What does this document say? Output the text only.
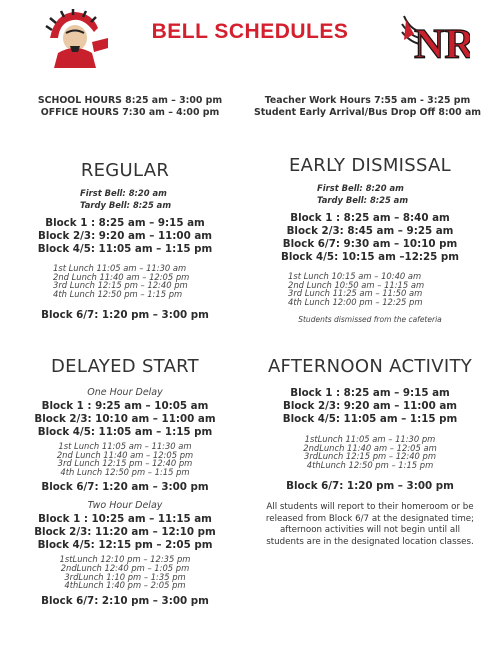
BELL SCHEDULES	NR
SCHOOL HOURS 8:25 am – 3:00 pm
OFFICE HOURS 7:30 am – 4:00 pm
Teacher Work Hours 7:55 am - 3:25 pm
Student Early Arrival/Bus Drop Off 8:00 am
REGULAR
First Bell: 8:20 am
Tardy Bell: 8:25 am
Block 1 : 8:25 am – 9:15 am
Block 2/3: 9:20 am – 11:00 am
Block 4/5: 11:05 am – 1:15 pm
1st Lunch 11:05 am – 11:30 am
2nd Lunch 11:40 am – 12:05 pm
3rd Lunch 12:15 pm – 12:40 pm
4th Lunch 12:50 pm – 1:15 pm
Block 6/7: 1:20 pm – 3:00 pm
EARLY DISMISSAL
First Bell: 8:20 am
Tardy Bell: 8:25 am
Block 1 : 8:25 am – 8:40 am
Block 2/3: 8:45 am – 9:25 am
Block 6/7: 9:30 am – 10:10 pm
Block 4/5: 10:15 am –12:25 pm
1st Lunch 10:15 am – 10:40 am
2nd Lunch 10:50 am – 11:15 am
3rd Lunch 11:25 am – 11:50 am
4th Lunch 12:00 pm – 12:25 pm
Students dismissed from the cafeteria
DELAYED START
One Hour Delay
Block 1 : 9:25 am – 10:05 am
Block 2/3: 10:10 am – 11:00 am
Block 4/5: 11:05 am – 1:15 pm
1st Lunch 11:05 am – 11:30 am
2nd Lunch 11:40 am – 12:05 pm
3rd Lunch 12:15 pm – 12:40 pm
4th Lunch 12:50 pm – 1:15 pm
Block 6/7: 1:20 am – 3:00 pm
Two Hour Delay
Block 1 : 10:25 am – 11:15 am
Block 2/3: 11:20 am – 12:10 pm
Block 4/5: 12:15 pm – 2:05 pm
1stLunch 12:10 pm – 12:35 pm
2ndLunch 12:40 pm – 1:05 pm
3rdLunch 1:10 pm – 1:35 pm
4thLunch 1:40 pm – 2:05 pm
Block 6/7: 2:10 pm – 3:00 pm
AFTERNOON ACTIVITY
Block 1 : 8:25 am – 9:15 am
Block 2/3: 9:20 am – 11:00 am
Block 4/5: 11:05 am – 1:15 pm
1stLunch 11:05 am – 11:30 pm
2ndLunch 11:40 am – 12:05 am
3rdLunch 12:15 pm – 12:40 pm
4thLunch 12:50 pm – 1:15 pm
Block 6/7: 1:20 pm – 3:00 pm
All students will report to their homeroom or be
released from Block 6/7 at the designated time;
afternoon activities will not begin until all
students are in the designated location classes.
